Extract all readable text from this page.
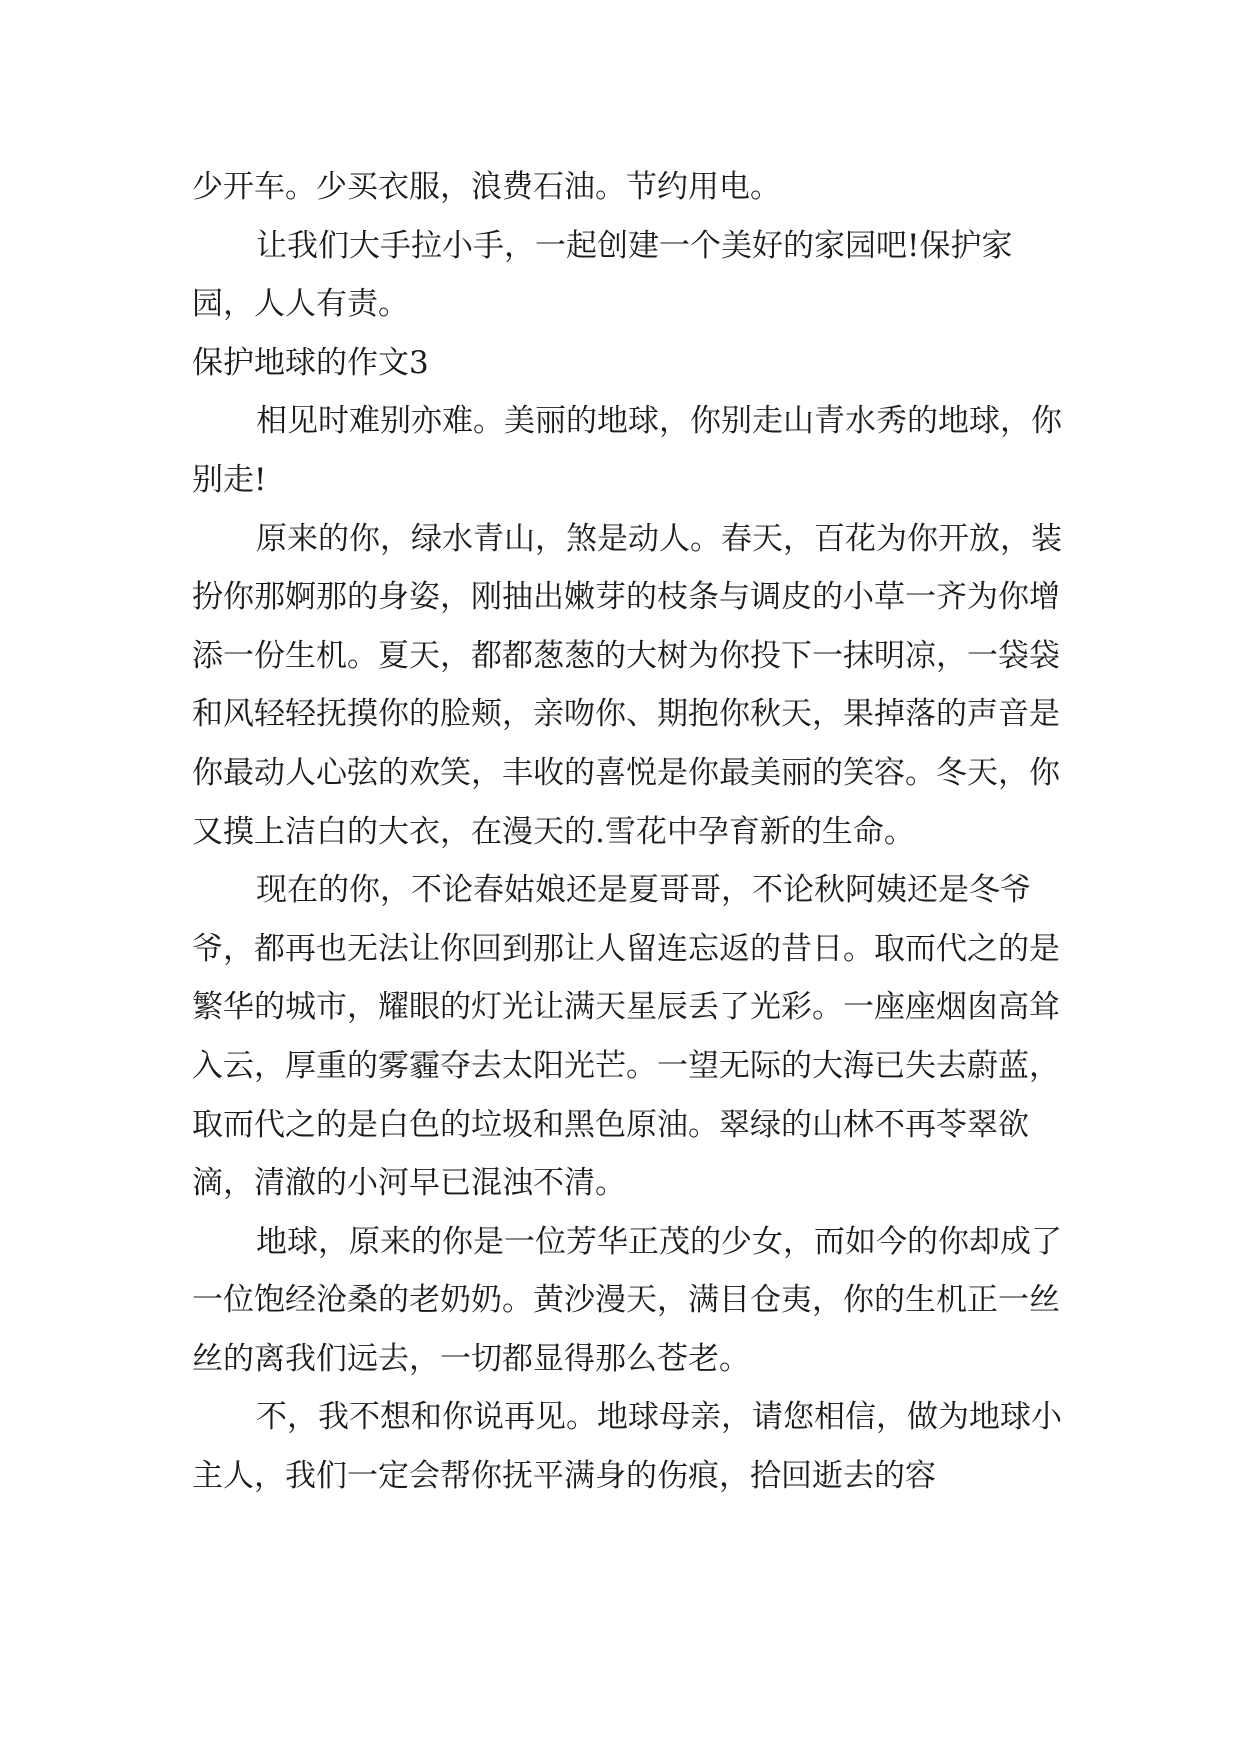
少开车。少买衣服，浪费石油。节约用电。

让我们大手拉小手，一起创建一个美好的家园吧!保护家园，人人有责。

保护地球的作文3

相见时难别亦难。美丽的地球，你别走山青水秀的地球，你别走!

原来的你，绿水青山，煞是动人。春天，百花为你开放，装扮你那婀那的身姿，刚抽出嫩芽的枝条与调皮的小草一齐为你增添一份生机。夏天，都都葱葱的大树为你投下一抹明凉，一袋袋和风轻轻抚摸你的脸颊，亲吻你、期抱你秋天，果掉落的声音是你最动人心弦的欢笑，丰收的喜悦是你最美丽的笑容。冬天，你又摸上洁白的大衣，在漫天的.雪花中孕育新的生命。

现在的你，不论春姑娘还是夏哥哥，不论秋阿姨还是冬爷爷，都再也无法让你回到那让人留连忘返的昔日。取而代之的是繁华的城市，耀眼的灯光让满天星辰丢了光彩。一座座烟囱高耸入云，厚重的雾霾夺去太阳光芒。一望无际的大海已失去蔚蓝，取而代之的是白色的垃圾和黑色原油。翠绿的山林不再苓翠欲滴，清澈的小河早已混浊不清。

地球，原来的你是一位芳华正茂的少女，而如今的你却成了一位饱经沧桑的老奶奶。黄沙漫天，满目仓夷，你的生机正一丝丝的离我们远去，一切都显得那么苍老。

不，我不想和你说再见。地球母亲，请您相信，做为地球小主人，我们一定会帮你抚平满身的伤痕，拾回逝去的容
